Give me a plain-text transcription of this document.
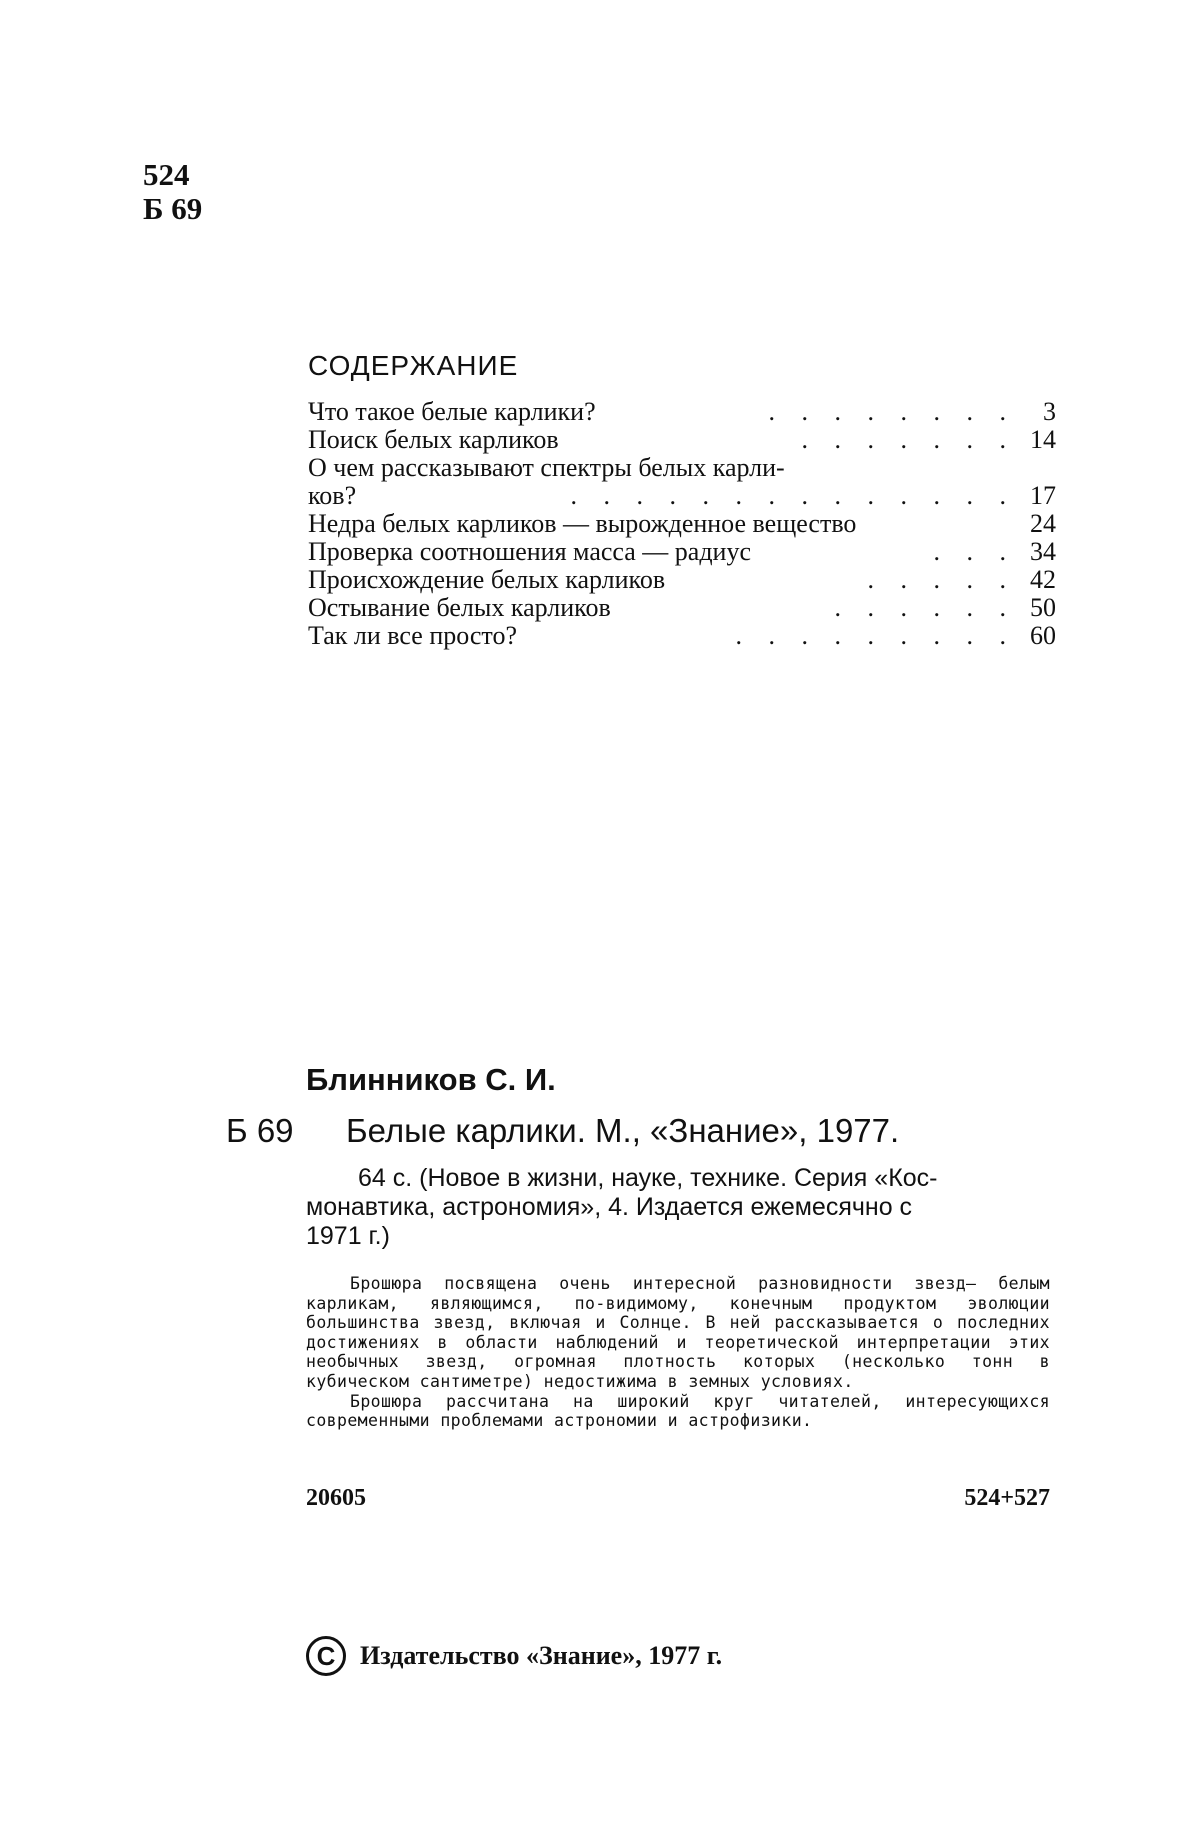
524
Б 69
СОДЕРЖАНИЕ
Что такое белые карлики?	. . . . . . . .	3
Поиск белых карликов	. . . . . . . 14
О чем рассказывают спектры белых карли-
ков?	. . . . . . . . . . . . . . 17
Недра белых карликов — вырожденное вещество	24
Проверка соотношения масса — радиус	. . . 34
Происхождение белых карликов	. . . . . 42
Остывание белых карликов	. . . . . . 50
Так ли все просто?	. . . . . . . . . 60
Блинников С. И.
Б 69 Белые карлики. М., «Знание», 1977.

64 с. (Новое в жизни, науке, технике. Серия «Кос-

монавтика, астрономия», 4. Издается ежемесячно с

1971 г.)

Брошюра посвящена очень интересной разновидности звезд— белым карликам, являющимся, по-видимому, конечным продуктом эволюции большинства звезд, включая и Солнце. В ней рассказывается о последних достижениях в области наблюдений и теоретической интерпретации этих необычных звезд, огромная плотность которых (несколько тонн в кубическом сантиметре) недостижима в земных условиях.

Брошюра рассчитана на широкий круг читателей, интересующихся современными проблемами астрономии и астрофизики.

20605	524+527
C Издательство «Знание», 1977 г.
